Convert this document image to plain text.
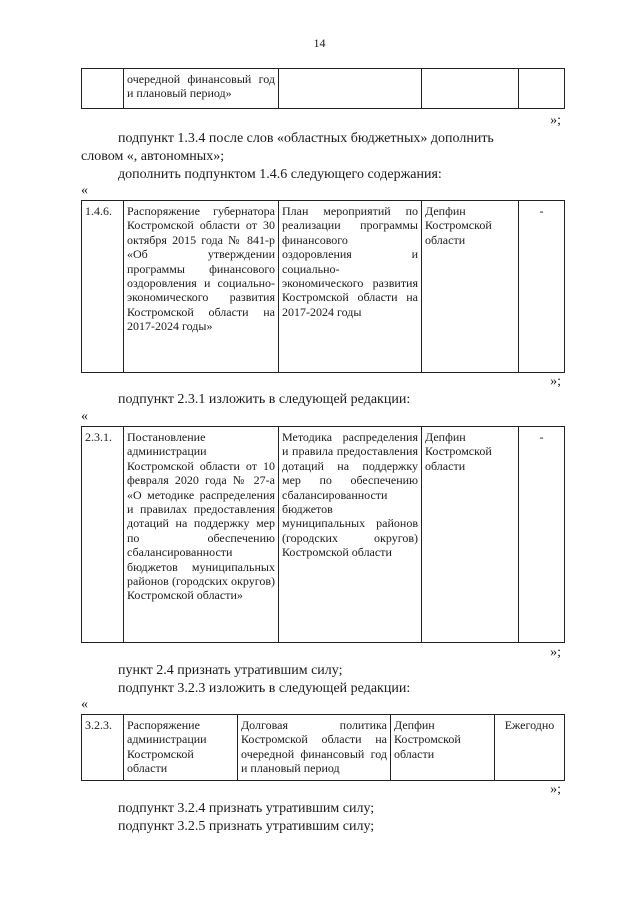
14
	очередной финансовый год и плановый период»			
»;
подпункт 1.3.4 после слов «областных бюджетных» дополнить
словом «, автономных»;
дополнить подпунктом 1.4.6 следующего содержания:
«
1.4.6.	Распоряжение губернатора Костромской области от 30 октября 2015 года № 841-р «Об утверждении программы финансового оздоровления и социально-экономического развития Костромской области на 2017-2024 годы»	План мероприятий по реализации программы финансового оздоровления и социально-экономического развития Костромской области на 2017-2024 годы	Депфин Костромской области	-
»;
подпункт 2.3.1 изложить в следующей редакции:
«
2.3.1.	Постановление администрации Костромской области от 10 февраля 2020 года № 27-а «О методике распределения и правилах предоставления дотаций на поддержку мер по обеспечению сбалансированности бюджетов муниципальных районов (городских округов) Костромской области»	Методика распределения и правила предоставления дотаций на поддержку мер по обеспечению сбалансированности бюджетов муниципальных районов (городских округов) Костромской области	Депфин Костромской области	-
»;
пункт 2.4 признать утратившим силу;
подпункт 3.2.3 изложить в следующей редакции:
«
3.2.3.	Распоряжение администрации Костромской области	Долговая политика Костромской области на очередной финансовый год и плановый период	Депфин Костромской области	Ежегодно
»;
подпункт 3.2.4 признать утратившим силу;
подпункт 3.2.5 признать утратившим силу;
